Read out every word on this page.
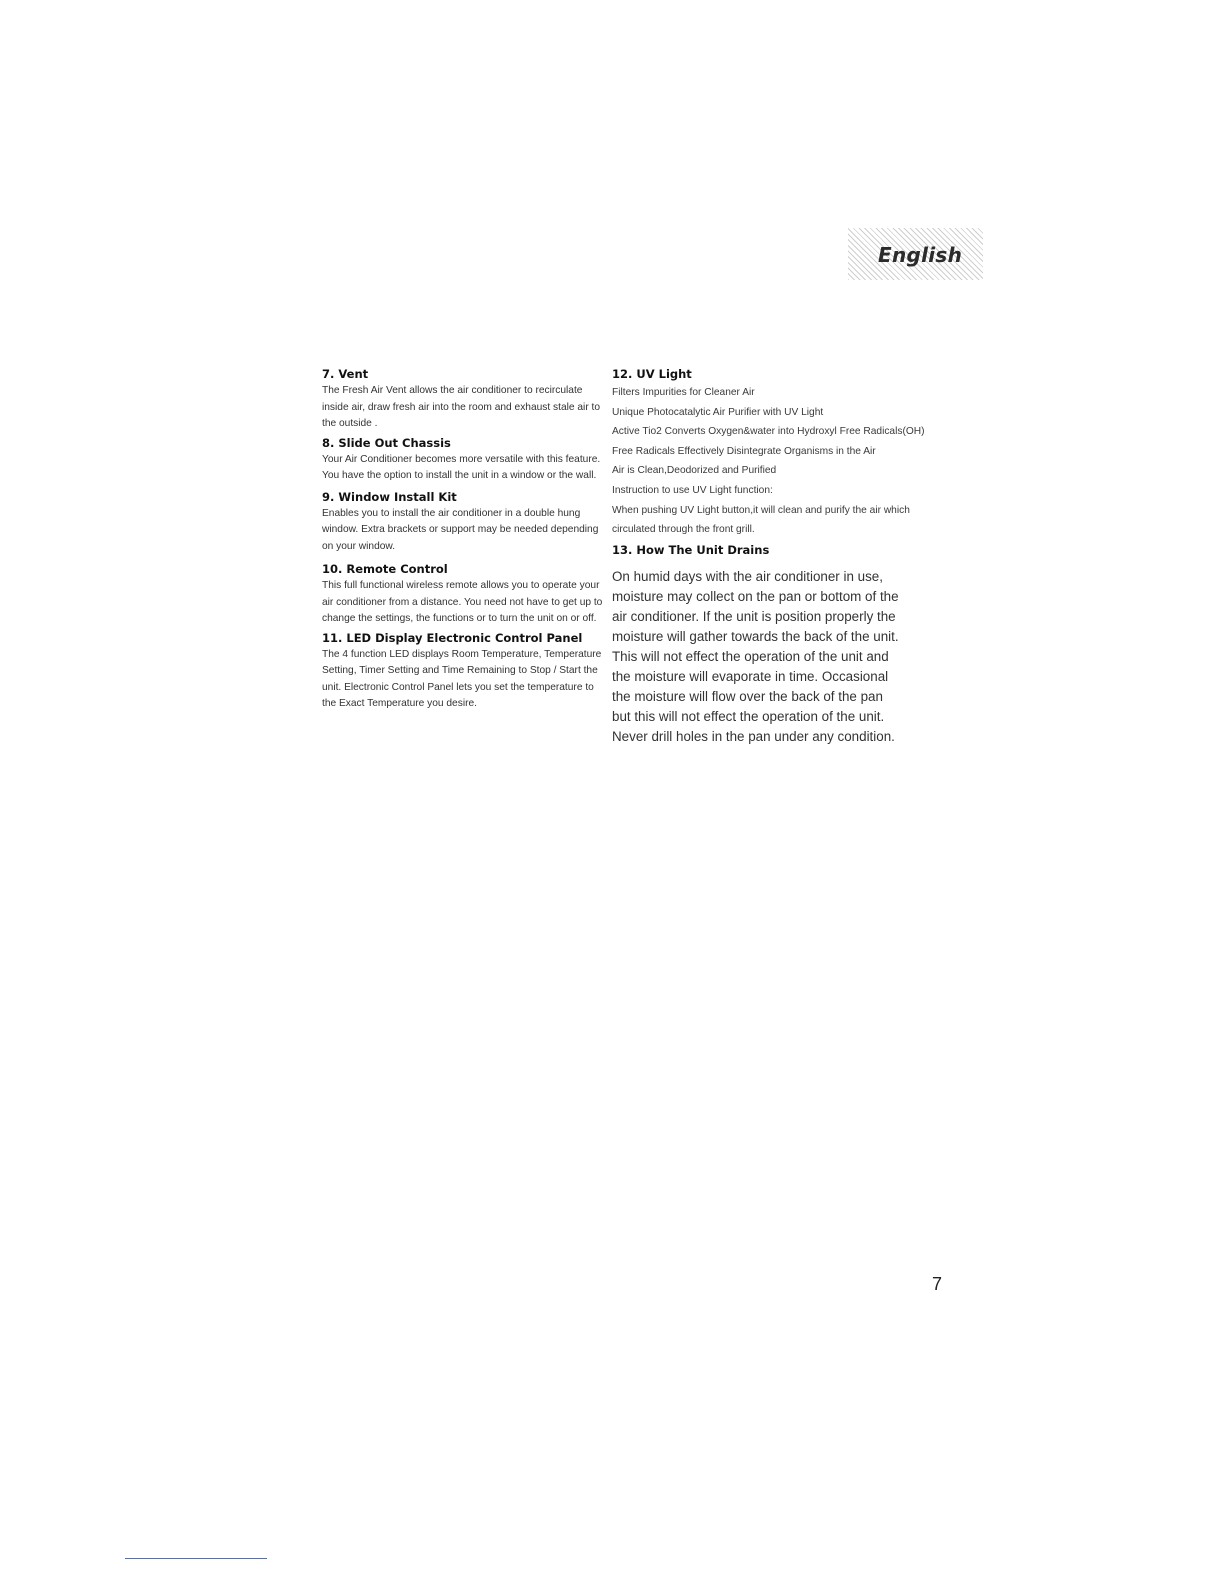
English
7. Vent

The Fresh Air Vent allows the air conditioner to recirculate inside air, draw fresh air into the room and exhaust stale air to the outside .

8. Slide Out Chassis

Your Air Conditioner becomes more versatile with this feature. You have the option to install the unit in a window or the wall.

9. Window Install Kit

Enables you to install the air conditioner in a double hung window. Extra brackets or support may be needed depending on your window.

10. Remote Control

This full functional wireless remote allows you to operate your air conditioner from a distance. You need not have to get up to change the settings, the functions or to turn the unit on or off.

11. LED Display Electronic Control Panel

The 4 function LED displays Room Temperature, Temperature Setting, Timer Setting and Time Remaining to Stop / Start the unit. Electronic Control Panel lets you set the temperature to the Exact Temperature you desire.

12. UV Light

Filters Impurities for Cleaner Air

Unique Photocatalytic Air Purifier with UV Light

Active Tio2 Converts Oxygen&water into Hydroxyl Free Radicals(OH)

Free Radicals Effectively Disintegrate Organisms in the Air

Air is Clean,Deodorized and Purified

Instruction to use UV Light function:

When pushing UV Light button,it will clean and purify the air which circulated through the front grill.

13. How The Unit Drains

On humid days with the air conditioner in use, moisture may collect on the pan or bottom of the air conditioner. If the unit is position properly the moisture will gather towards the back of the unit. This will not effect the operation of the unit and the moisture will evaporate in time. Occasional the moisture will flow over the back of the pan but this will not effect the operation of the unit. Never drill holes in the pan under any condition.

7
